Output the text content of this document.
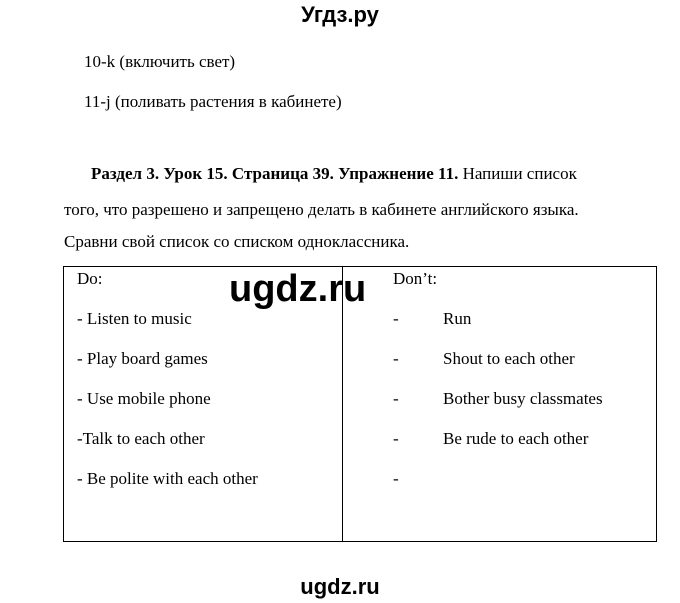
Угдз.ру
10-k (включить свет)
11-j (поливать растения в кабинете)
Раздел 3. Урок 15. Страница 39. Упражнение 11. Напиши список
того, что разрешено и запрещено делать в кабинете английского языка.
Сравни свой список со списком одноклассника.
Do:	Don’t:
- Listen to music
- Play board games
- Use mobile phone
-Talk to each other
- Be polite with each other
-
-
-
-
-
Run
Shout to each other
Bother busy classmates
Be rude to each other
ugdz.ru
ugdz.ru
